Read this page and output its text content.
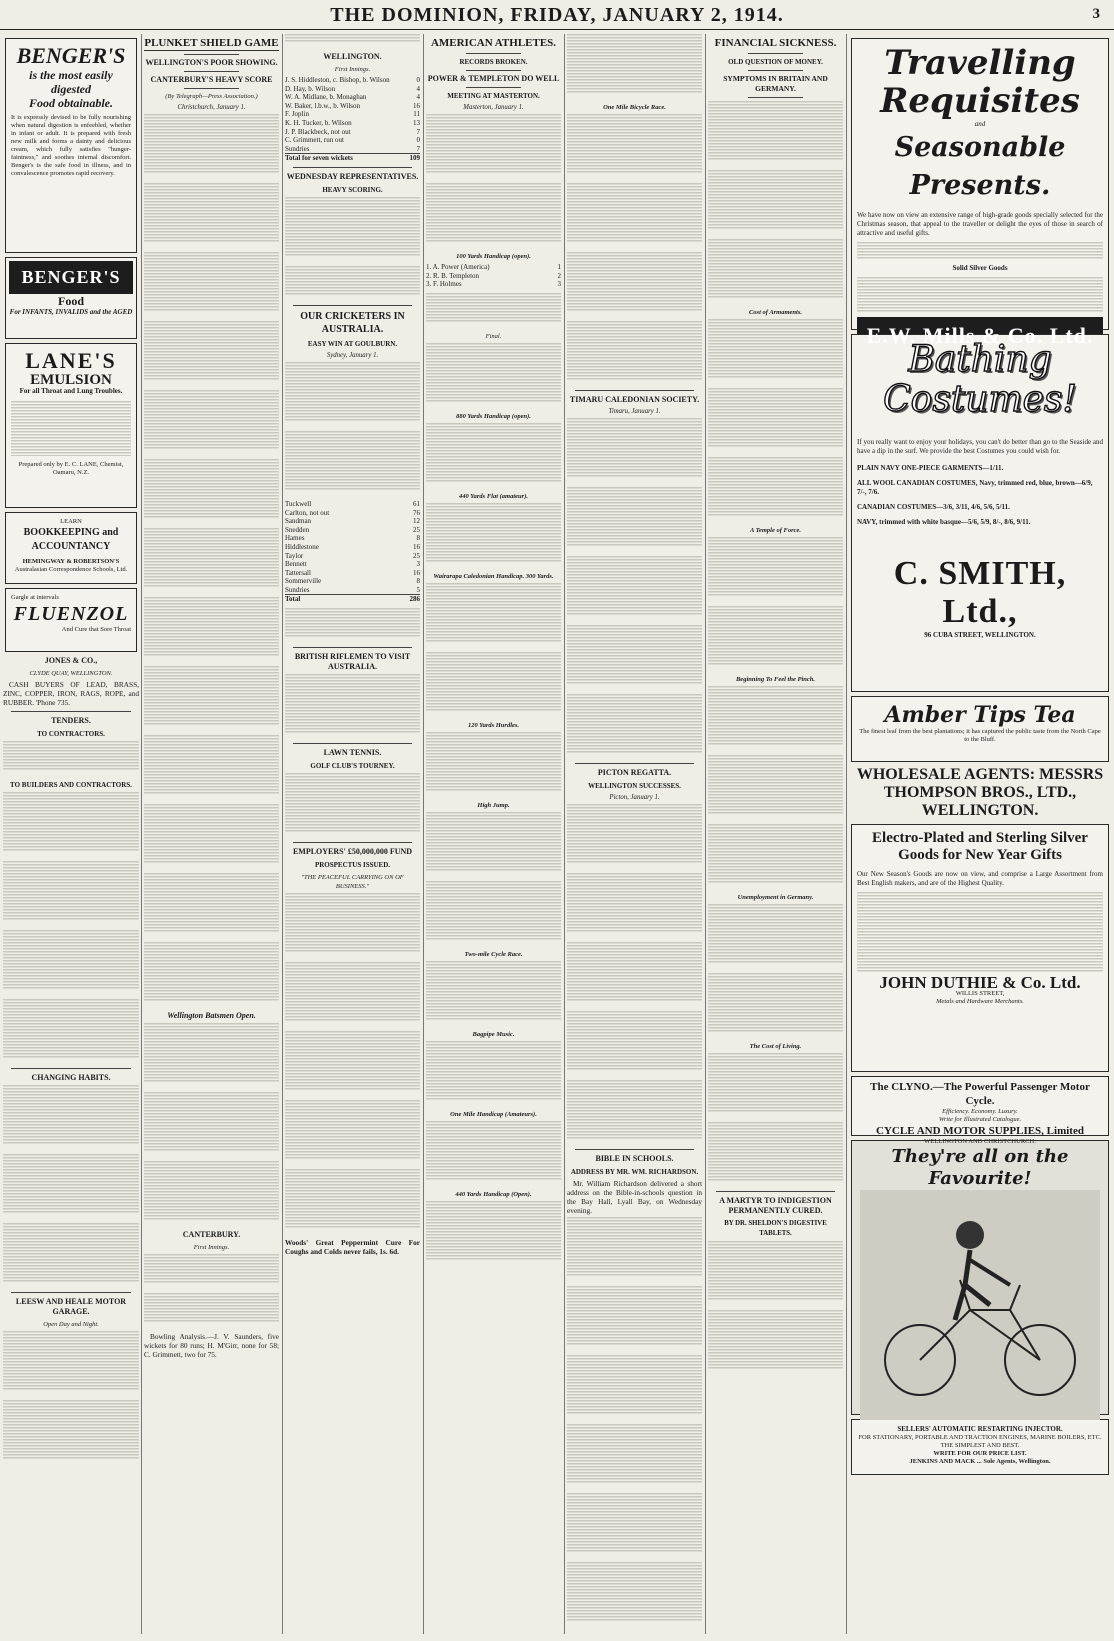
THE DOMINION, FRIDAY, JANUARY 2, 1914.	3
BENGER'S
is the most easily digested
Food obtainable.
It is expressly devised to be fully nourishing when natural digestion is enfeebled, whether in infant or adult. It is prepared with fresh new milk and forms a dainty and delicious cream, which fully satisfies "hunger-faintness," and soothes internal discomfort. Benger's is the safe food in illness, and in convalescence promotes rapid recovery.
BENGER'S
Food
For INFANTS, INVALIDS and the AGED
LANE'S
EMULSION
For all Throat and Lung Troubles.
Prepared only by E. C. LANE, Chemist, Oamaru, N.Z.
LEARN
BOOKKEEPING and ACCOUNTANCY
HEMINGWAY & ROBERTSON'S
Australasian Correspondence Schools, Ltd.
Gargle at intervals
FLUENZOL
And Cure that Sore Throat
JONES & CO.,
CLYDE QUAY, WELLINGTON.

CASH BUYERS OF LEAD, BRASS, ZINC, COPPER, IRON, RAGS, ROPE, and RUBBER. 'Phone 735.

TENDERS.
TO CONTRACTORS.
TO BUILDERS AND CONTRACTORS.
CHANGING HABITS.
LEESW AND HEALE MOTOR GARAGE.
Open Day and Night.
PLUNKET SHIELD GAME
WELLINGTON'S POOR SHOWING.
CANTERBURY'S HEAVY SCORE
(By Telegraph—Press Association.)
Christchurch, January 1.
Wellington Batsmen Open.
CANTERBURY.
First Innings.

Bowling Analysis.—J. V. Saunders, five wickets for 80 runs; H. M'Girr, none for 58; C. Grimmett, two for 75.

WELLINGTON.
First Innings.
J. S. Hiddleston, c. Bishop, b. Wilson	0
D. Hay, b. Wilson	4
W. A. Midlane, b. Monaghan	4
W. Baker, l.b.w., b. Wilson	16
F. Joplin	11
K. H. Tucker, b. Wilson	13
J. P. Blackbeck, not out	7
C. Grimmett, run out	0
Sundries	7
Total for seven wickets	109
WEDNESDAY REPRESENTATIVES.
HEAVY SCORING.
OUR CRICKETERS IN AUSTRALIA.
EASY WIN AT GOULBURN.
Sydney, January 1.
Tuckwell	61
Carlton, not out	76
Sandman	12
Snedden	25
Hames	8
Hiddlestone	16
Taylor	25
Bennett	3
Tattersall	16
Sommerville	8
Sundries	5
Total	286
BRITISH RIFLEMEN TO VISIT AUSTRALIA.
LAWN TENNIS.
GOLF CLUB'S TOURNEY.
EMPLOYERS' £50,000,000 FUND
PROSPECTUS ISSUED.
"THE PEACEFUL CARRYING ON OF BUSINESS."

Woods' Great Peppermint Cure For Coughs and Colds never fails, 1s. 6d.

AMERICAN ATHLETES.
RECORDS BROKEN.
POWER & TEMPLETON DO WELL
MEETING AT MASTERTON.
Masterton, January 1.
100 Yards Handicap (open).
1. A. Power (America)	1
2. R. B. Templeton	2
3. F. Holmes	3
Final.
880 Yards Handicap (open).
440 Yards Flat (amateur).
Wairarapa Caledonian Handicap. 300 Yards.
120 Yards Hurdles.
High Jump.
Two-mile Cycle Race.
Bagpipe Music.
One Mile Handicap (Amateurs).
440 Yards Handicap (Open).
One Mile Bicycle Race.
TIMARU CALEDONIAN SOCIETY.
Timaru, January 1.
PICTON REGATTA.
WELLINGTON SUCCESSES.
Picton, January 1.
BIBLE IN SCHOOLS.
ADDRESS BY MR. WM. RICHARDSON.

Mr. William Richardson delivered a short address on the Bible-in-schools question in the Bay Hall, Lyall Bay, on Wednesday evening.

FINANCIAL SICKNESS.
OLD QUESTION OF MONEY.
SYMPTOMS IN BRITAIN AND GERMANY.
Cost of Armaments.
A Temple of Force.
Beginning To Feel the Pinch.
Unemployment in Germany.
The Cost of Living.
A MARTYR TO INDIGESTION PERMANENTLY CURED.
BY DR. SHELDON'S DIGESTIVE TABLETS.
Travelling
Requisites
and
Seasonable Presents.
We have now on view an extensive range of high-grade goods specially selected for the Christmas season, that appeal to the traveller or delight the eyes of those in search of attractive and useful gifts.
Solid Silver Goods
E.W. Mills & Co. Ltd.
Bathing Costumes!
If you really want to enjoy your holidays, you can't do better than go to the Seaside and have a dip in the surf. We provide the best Costumes you could wish for.
PLAIN NAVY ONE-PIECE GARMENTS—1/11.
ALL WOOL CANADIAN COSTUMES, Navy, trimmed red, blue, brown—6/9, 7/-, 7/6.
CANADIAN COSTUMES—3/6, 3/11, 4/6, 5/6, 5/11.
NAVY, trimmed with white basque—5/6, 5/9, 8/-, 8/6, 9/11.
C. SMITH, Ltd.,
96 CUBA STREET, WELLINGTON.
Amber Tips Tea
The finest leaf from the best plantations; it has captured the public taste from the North Cape to the Bluff.
WHOLESALE AGENTS: MESSRS THOMPSON BROS., LTD., WELLINGTON.
Electro-Plated and Sterling Silver Goods for New Year Gifts
Our New Season's Goods are now on view, and comprise a Large Assortment from Best English makers, and are of the Highest Quality.
JOHN DUTHIE & Co. Ltd.
WILLIS STREET,
Metals and Hardware Merchants.
The CLYNO.—The Powerful Passenger Motor Cycle.
Efficiency. Economy. Luxury.
Write for Illustrated Catalogue.
CYCLE AND MOTOR SUPPLIES, Limited
WELLINGTON AND CHRISTCHURCH.
They're all on the Favourite!
SELLERS' AUTOMATIC RESTARTING INJECTOR.
FOR STATIONARY, PORTABLE AND TRACTION ENGINES, MARINE BOILERS, ETC. THE SIMPLEST AND BEST.
WRITE FOR OUR PRICE LIST.
JENKINS AND MACK ... Sole Agents, Wellington.
